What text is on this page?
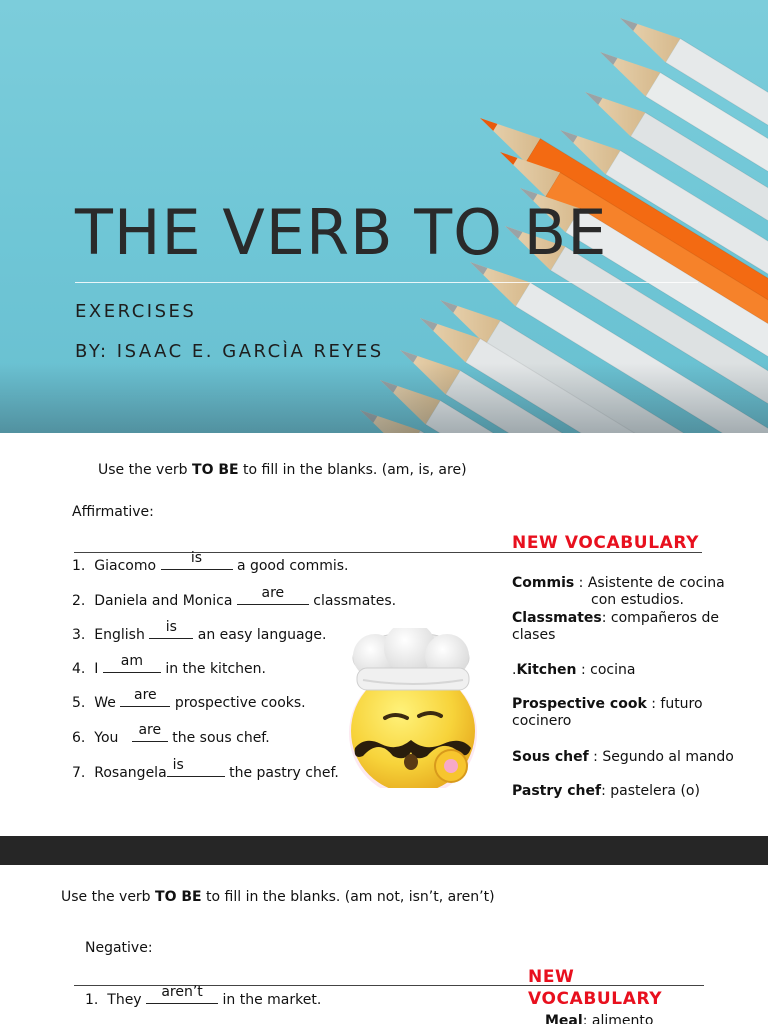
THE VERB TO BE
EXERCISES
BY: ISAAC E. GARCÌA REYES
Use the verb TO BE to fill in the blanks. (am, is, are)
Affirmative:
1. Giacomo	is	a good commis.
2. Daniela and Monica	are	classmates.
3. English	is	an easy language.
4. I	am	in the kitchen.
5. We are	prospective cooks.
6. You	are the sous chef.
7.  Rosangela is	the pastry chef.
NEW VOCABULARY
Commis : Asistente de cocina
con estudios.
Classmates: compañeros de clases
.Kitchen : cocina
Prospective cook : futuro cocinero
Sous chef : Segundo al mando
Pastry chef: pastelera (o)
Use the verb TO BE to fill in the blanks. (am not, isn’t, aren’t)
Negative:
1. They	aren’t	in the market.
NEW
VOCABULARY
Meal: alimento
